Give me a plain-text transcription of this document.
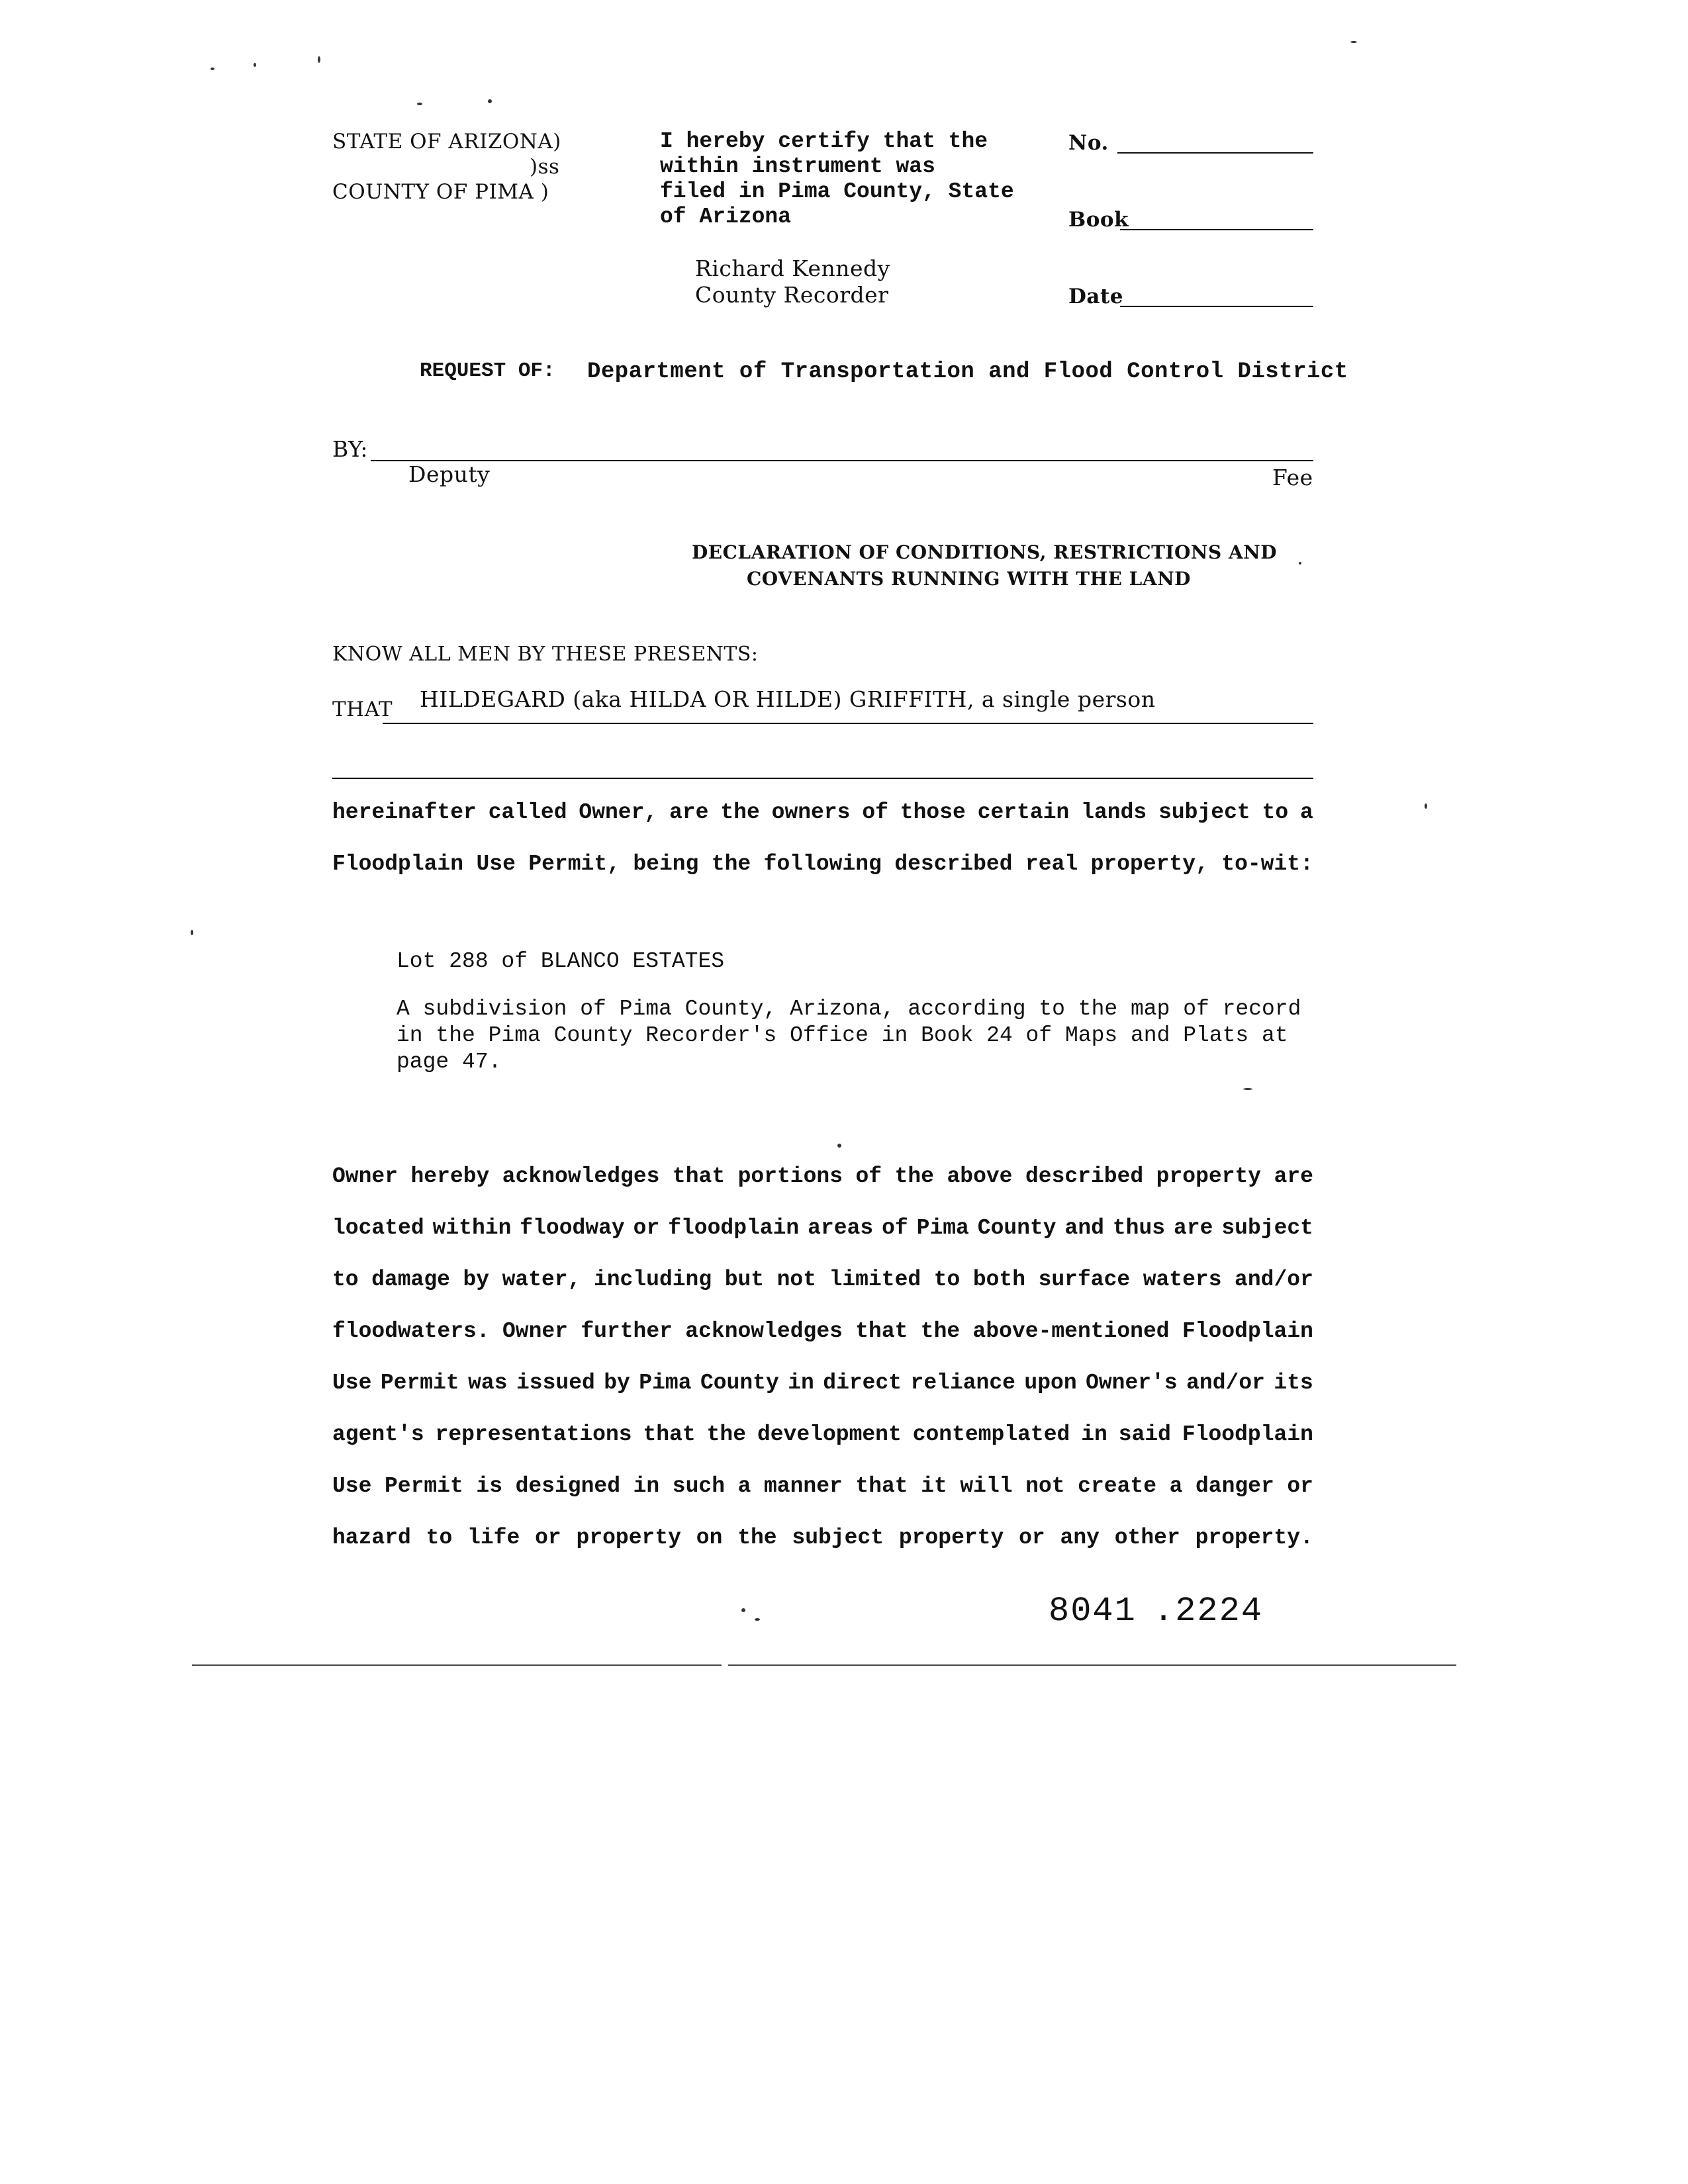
STATE OF ARIZONA)
)ss
COUNTY OF PIMA )
I hereby certify that the
within instrument was
filed in Pima County, State
of Arizona
Richard Kennedy
County Recorder
No.
Book
Date
REQUEST OF: Department of Transportation and Flood Control District
BY:
Deputy	Fee
DECLARATION OF CONDITIONS, RESTRICTIONS AND
COVENANTS RUNNING WITH THE LAND
KNOW ALL MEN BY THESE PRESENTS:
THAT HILDEGARD (aka HILDA OR HILDE) GRIFFITH, a single person
hereinafter called Owner, are the owners of those certain lands subject to a
Floodplain Use Permit, being the following described real property, to-wit:
Lot 288 of BLANCO ESTATES
A subdivision of Pima County, Arizona, according to the map of record
in the Pima County Recorder's Office in Book 24 of Maps and Plats at
page 47.
Owner hereby acknowledges that portions of the above described property are
located within floodway or floodplain areas of Pima County and thus are subject
to damage by water, including but not limited to both surface waters and/or
floodwaters. Owner further acknowledges that the above-mentioned Floodplain
Use Permit was issued by Pima County in direct reliance upon Owner's and/or its
agent's representations that the development contemplated in said Floodplain
Use Permit is designed in such a manner that it will not create a danger or
hazard to life or property on the subject property or any other property.
8041 .2224
